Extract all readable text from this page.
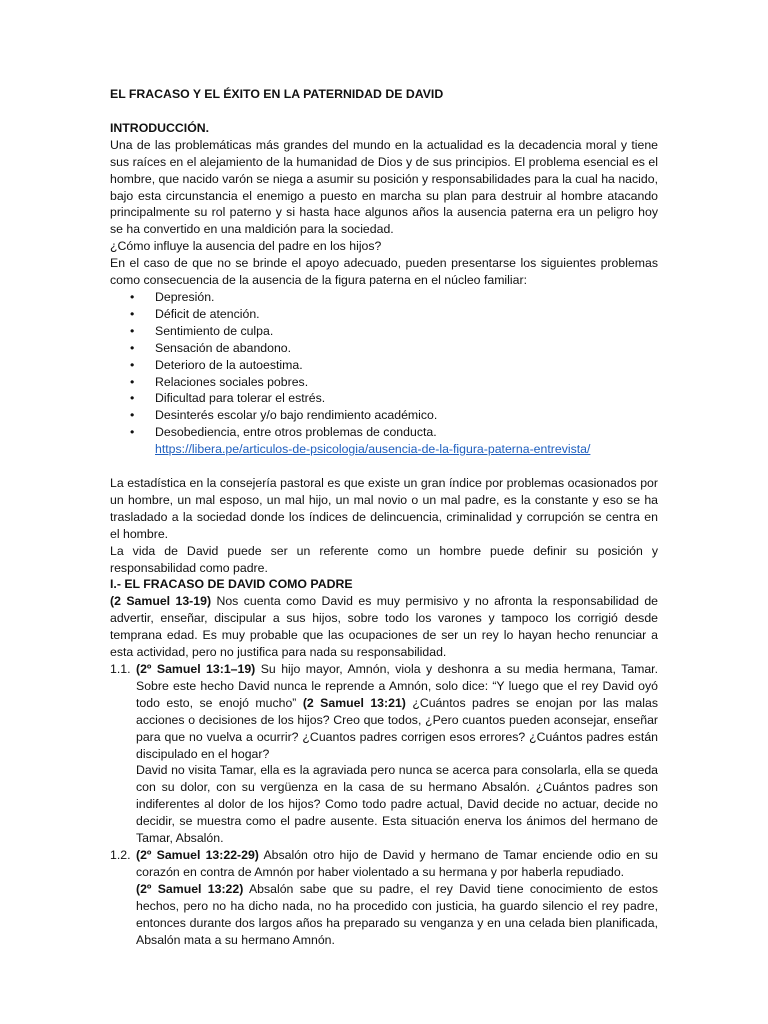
EL FRACASO Y EL ÉXITO EN LA PATERNIDAD DE DAVID

INTRODUCCIÓN.

Una de las problemáticas más grandes del mundo en la actualidad es la decadencia moral y tiene sus raíces en el alejamiento de la humanidad de Dios y de sus principios. El problema esencial es el hombre, que nacido varón se niega a asumir su posición y responsabilidades para la cual ha nacido, bajo esta circunstancia el enemigo a puesto en marcha su plan para destruir al hombre atacando principalmente su rol paterno y si hasta hace algunos años la ausencia paterna era un peligro hoy se ha convertido en una maldición para la sociedad.

¿Cómo influye la ausencia del padre en los hijos?

En el caso de que no se brinde el apoyo adecuado, pueden presentarse los siguientes problemas como consecuencia de la ausencia de la figura paterna en el núcleo familiar:

• Depresión.
• Déficit de atención.
• Sentimiento de culpa.
• Sensación de abandono.
• Deterioro de la autoestima.
• Relaciones sociales pobres.
• Dificultad para tolerar el estrés.
• Desinterés escolar y/o bajo rendimiento académico.
• Desobediencia, entre otros problemas de conducta.
https://libera.pe/articulos-de-psicologia/ausencia-de-la-figura-paterna-entrevista/

La estadística en la consejería pastoral es que existe un gran índice por problemas ocasionados por un hombre, un mal esposo, un mal hijo, un mal novio o un mal padre, es la constante y eso se ha trasladado a la sociedad donde los índices de delincuencia, criminalidad y corrupción se centra en el hombre.

La vida de David puede ser un referente como un hombre puede definir su posición y responsabilidad como padre.

I.- EL FRACASO DE DAVID COMO PADRE

(2 Samuel 13-19) Nos cuenta como David es muy permisivo y no afronta la responsabilidad de advertir, enseñar, discipular a sus hijos, sobre todo los varones y tampoco los corrigió desde temprana edad. Es muy probable que las ocupaciones de ser un rey lo hayan hecho renunciar a esta actividad, pero no justifica para nada su responsabilidad.

1.1. (2º Samuel 13:1–19) Su hijo mayor, Amnón, viola y deshonra a su media hermana, Tamar. Sobre este hecho David nunca le reprende a Amnón, solo dice: “Y luego que el rey David oyó todo esto, se enojó mucho” (2 Samuel 13:21) ¿Cuántos padres se enojan por las malas acciones o decisiones de los hijos? Creo que todos, ¿Pero cuantos pueden aconsejar, enseñar para que no vuelva a ocurrir? ¿Cuantos padres corrigen esos errores? ¿Cuántos padres están discipulado en el hogar?

David no visita Tamar, ella es la agraviada pero nunca se acerca para consolarla, ella se queda con su dolor, con su vergüenza en la casa de su hermano Absalón. ¿Cuántos padres son indiferentes al dolor de los hijos? Como todo padre actual, David decide no actuar, decide no decidir, se muestra como el padre ausente. Esta situación enerva los ánimos del hermano de Tamar, Absalón.

1.2. (2º Samuel 13:22-29) Absalón otro hijo de David y hermano de Tamar enciende odio en su corazón en contra de Amnón por haber violentado a su hermana y por haberla repudiado.

(2º Samuel 13:22) Absalón sabe que su padre, el rey David tiene conocimiento de estos hechos, pero no ha dicho nada, no ha procedido con justicia, ha guardo silencio el rey padre, entonces durante dos largos años ha preparado su venganza y en una celada bien planificada, Absalón mata a su hermano Amnón.
